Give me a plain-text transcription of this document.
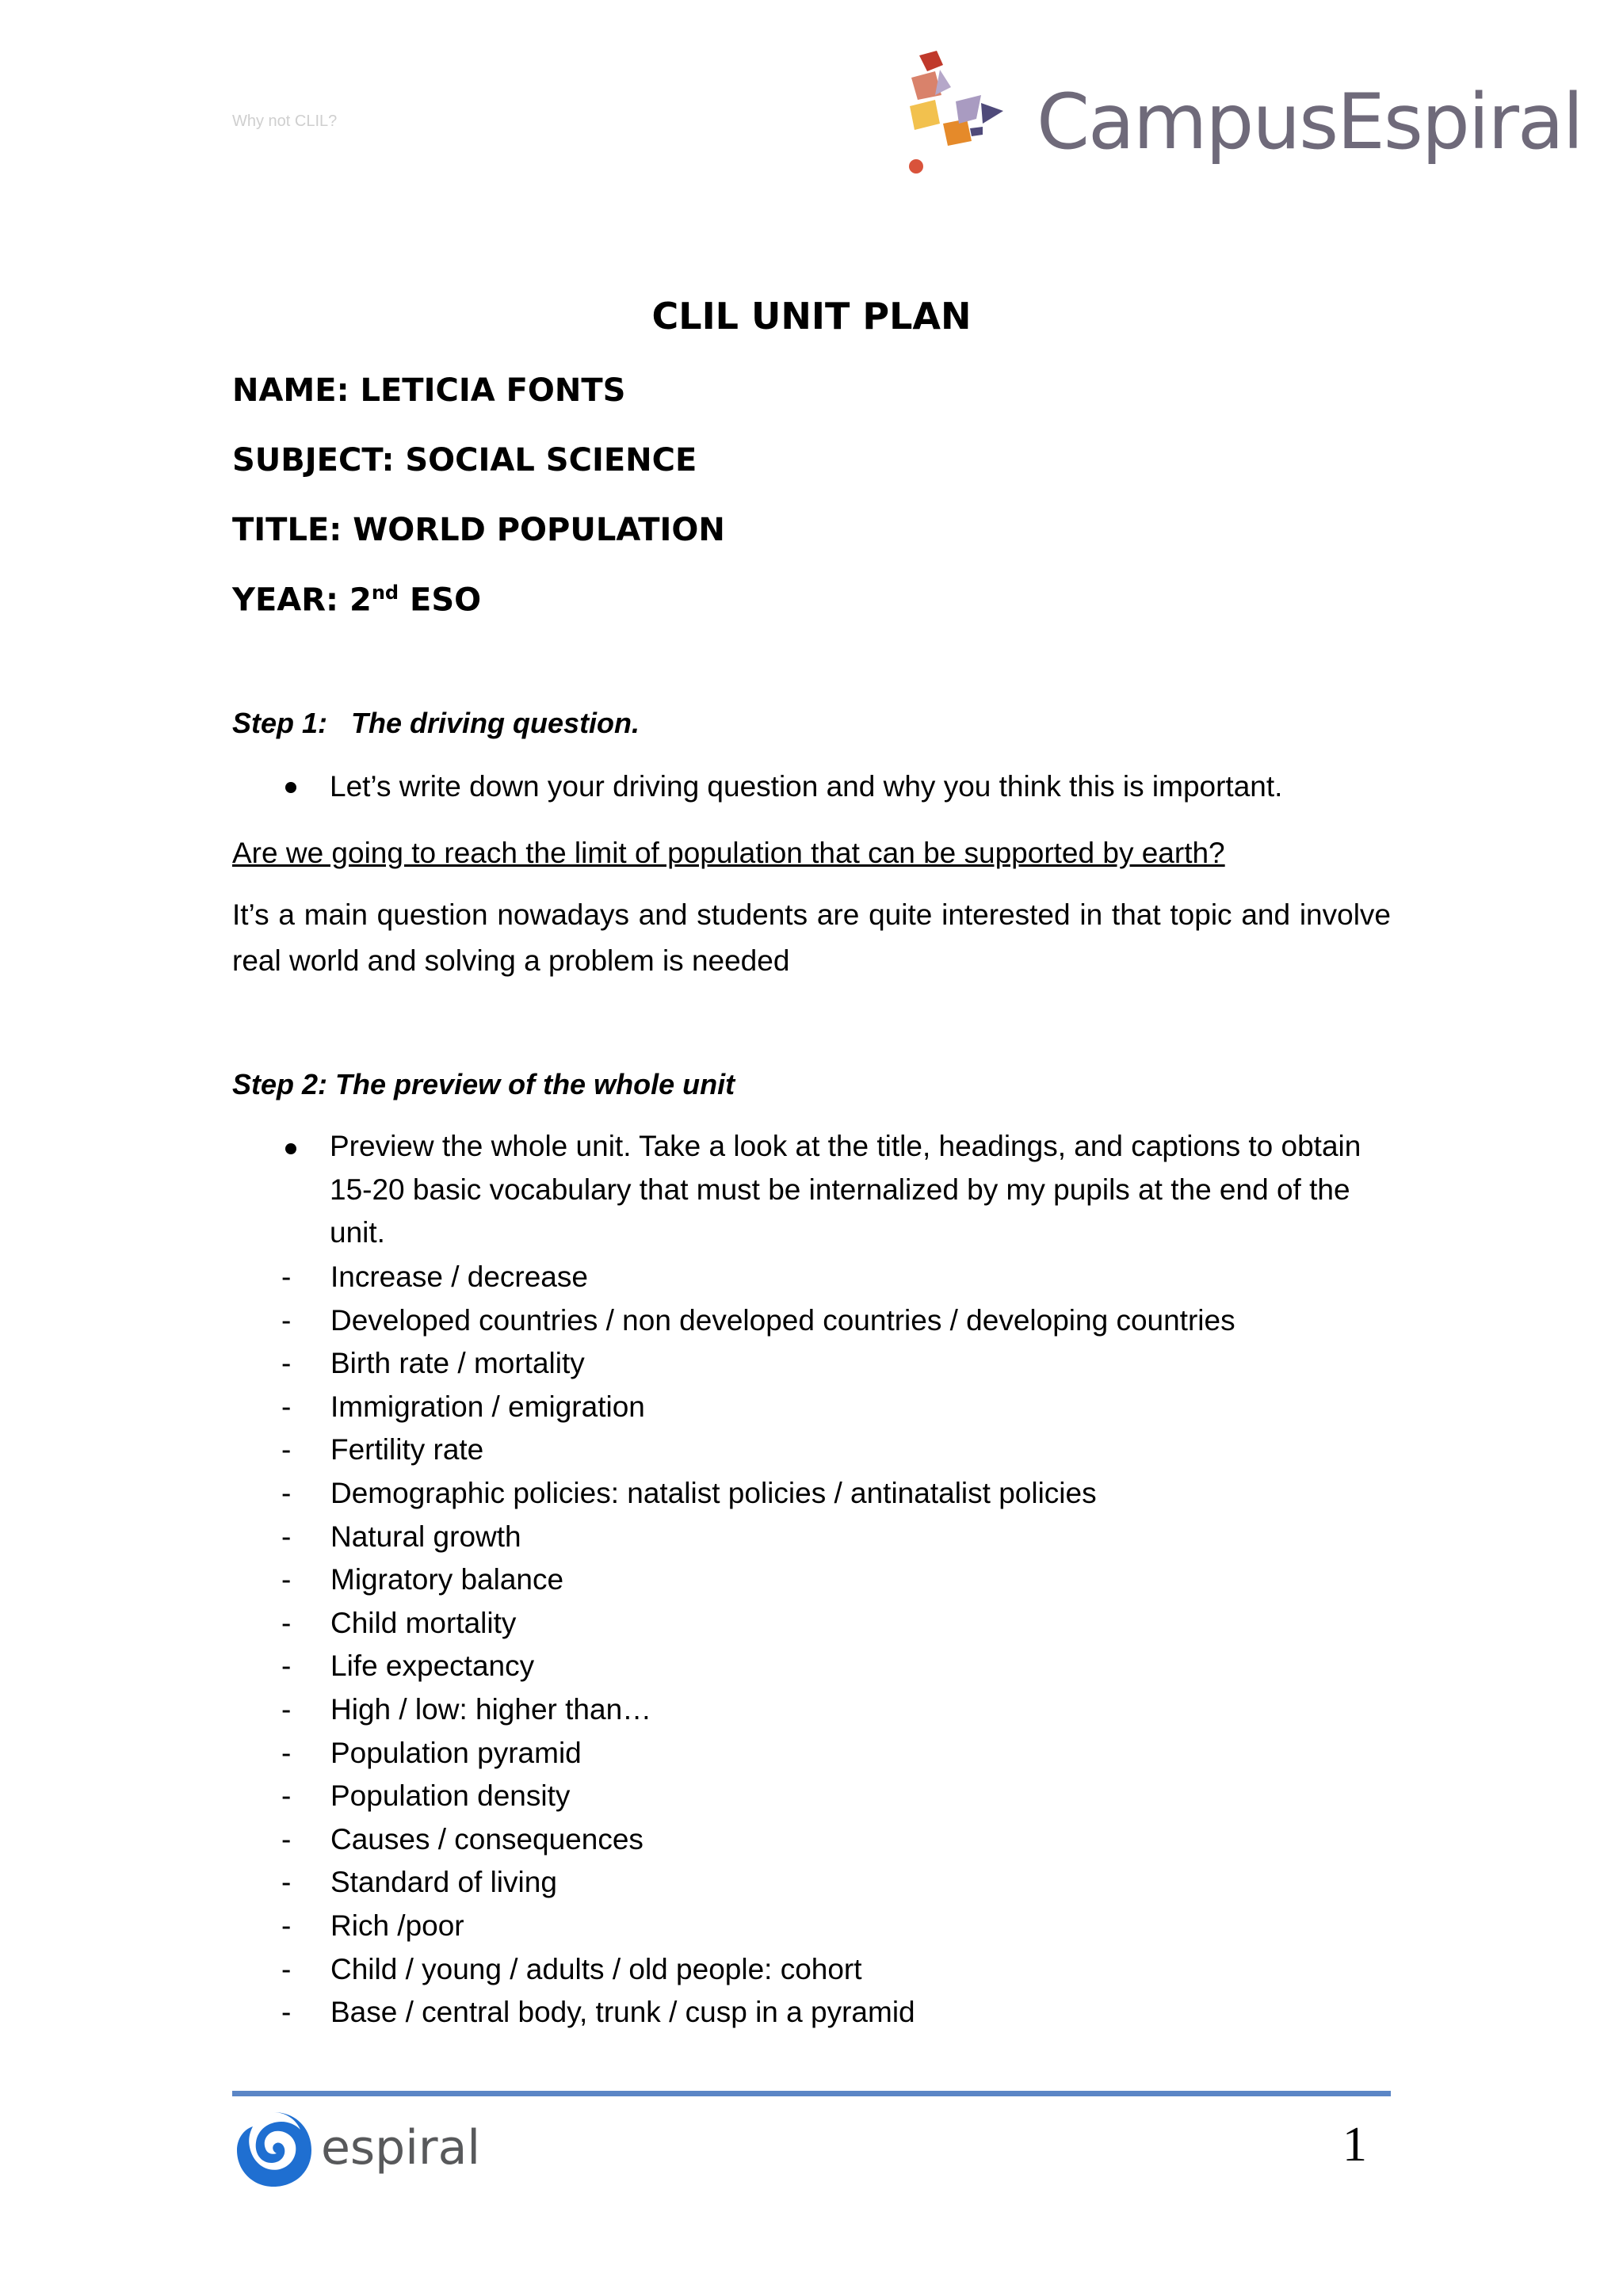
Why not CLIL?	CampusEspiral
CLIL UNIT PLAN
NAME: LETICIA FONTS
SUBJECT: SOCIAL SCIENCE
TITLE: WORLD POPULATION
YEAR: 2nd ESO
Step 1: The driving question.
Let’s write down your driving question and why you think this is important.
Are we going to reach the limit of population that can be supported by earth?
It’s a main question nowadays and students are quite interested in that topic and involve real world and solving a problem is needed
Step 2: The preview of the whole unit
Preview the whole unit. Take a look at the title, headings, and captions to obtain 15-20 basic vocabulary that must be internalized by my pupils at the end of the unit.
-	Increase / decrease
-	Developed countries / non developed countries / developing countries
-	Birth rate / mortality
-	Immigration / emigration
-	Fertility rate
-	Demographic policies: natalist policies / antinatalist policies
-	Natural growth
-	Migratory balance
-	Child mortality
-	Life expectancy
-	High / low: higher than…
-	Population pyramid
-	Population density
-	Causes / consequences
-	Standard of living
-	Rich /poor
-	Child / young / adults / old people: cohort
-	Base / central body, trunk / cusp in a pyramid
espiral	1
